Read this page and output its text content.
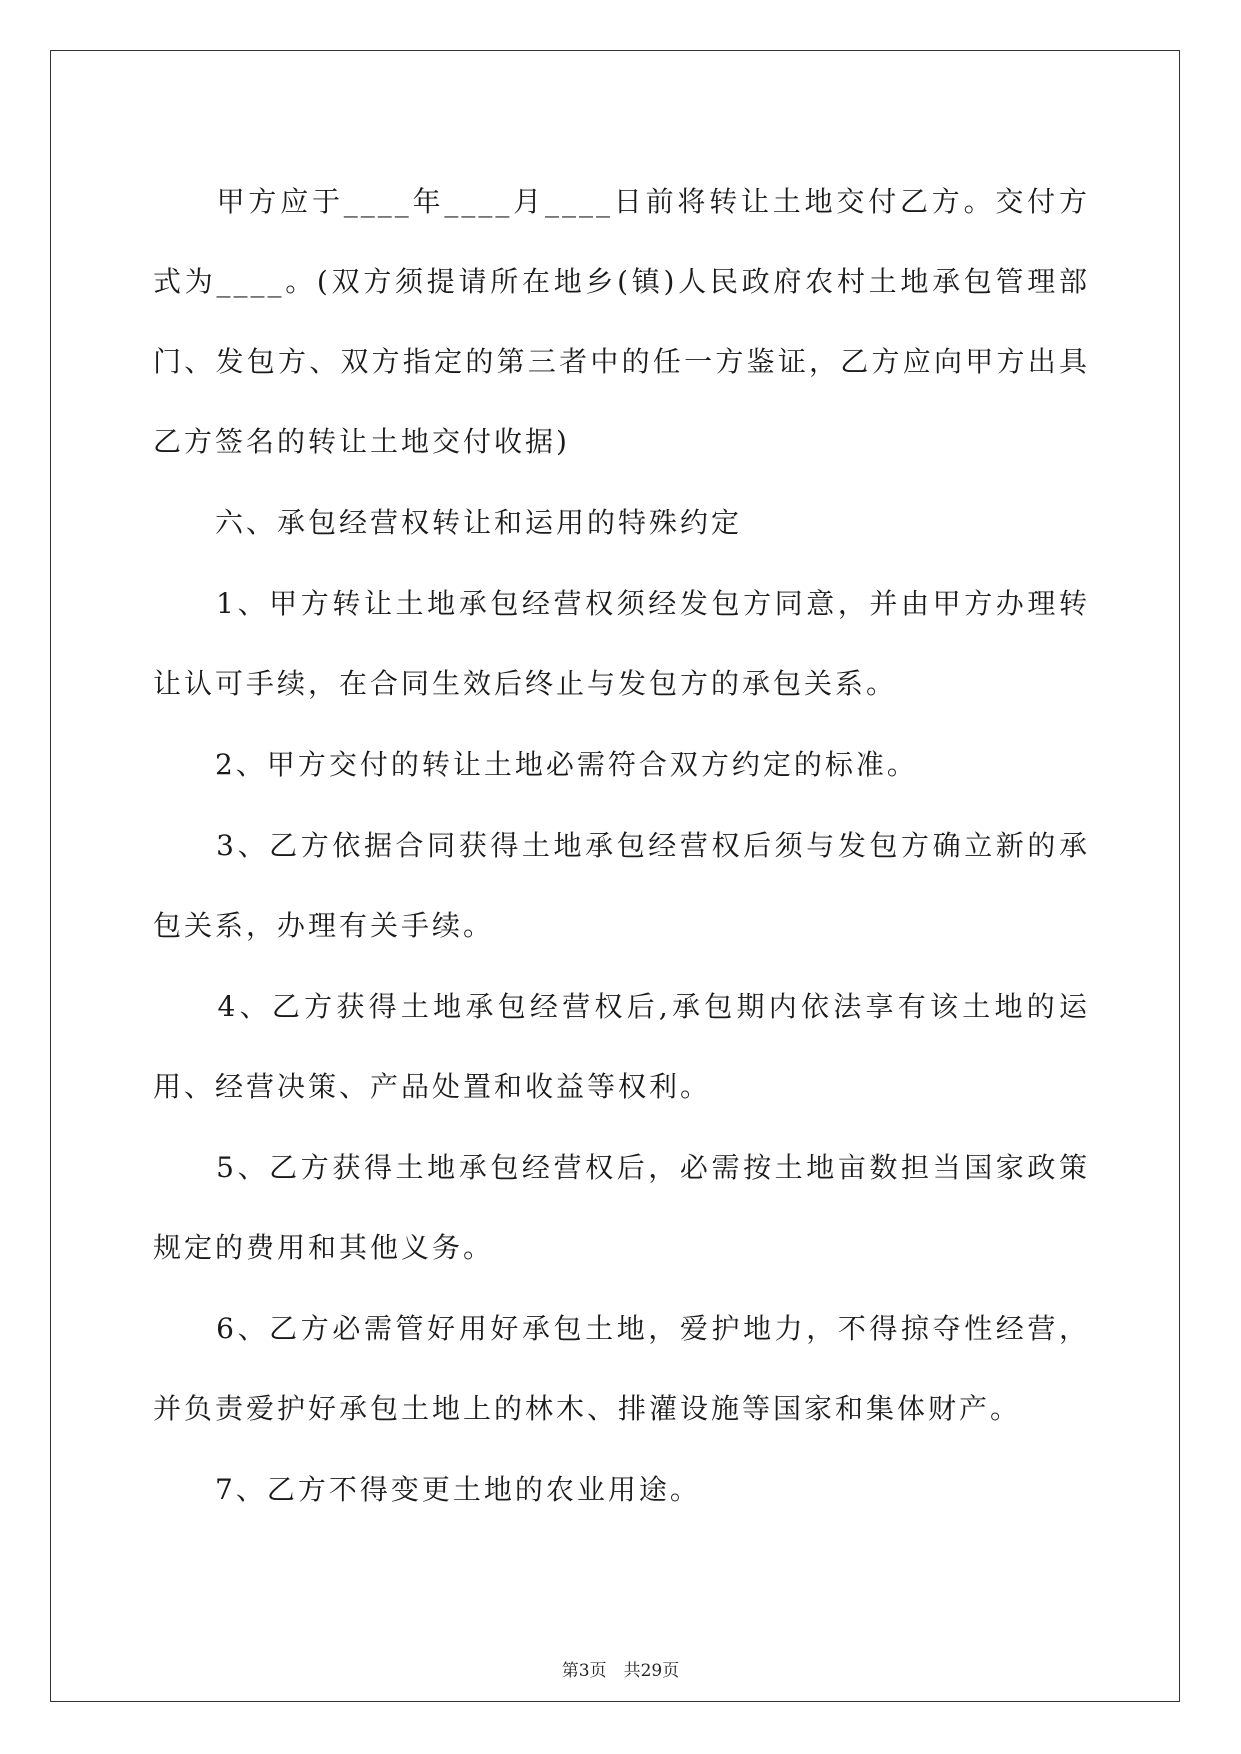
　　甲方应于____年____月____日前将转让土地交付乙方。交付方式为____。(双方须提请所在地乡(镇)人民政府农村土地承包管理部门、发包方、双方指定的第三者中的任一方鉴证，乙方应向甲方出具乙方签名的转让土地交付收据)

　　六、承包经营权转让和运用的特殊约定

　　1、甲方转让土地承包经营权须经发包方同意，并由甲方办理转让认可手续，在合同生效后终止与发包方的承包关系。

　　2、甲方交付的转让土地必需符合双方约定的标准。

　　3、乙方依据合同获得土地承包经营权后须与发包方确立新的承包关系，办理有关手续。

　　4、乙方获得土地承包经营权后,承包期内依法享有该土地的运用、经营决策、产品处置和收益等权利。

　　5、乙方获得土地承包经营权后，必需按土地亩数担当国家政策规定的费用和其他义务。

　　6、乙方必需管好用好承包土地，爱护地力，不得掠夺性经营，并负责爱护好承包土地上的林木、排灌设施等国家和集体财产。

　　7、乙方不得变更土地的农业用途。

第3页　共29页
